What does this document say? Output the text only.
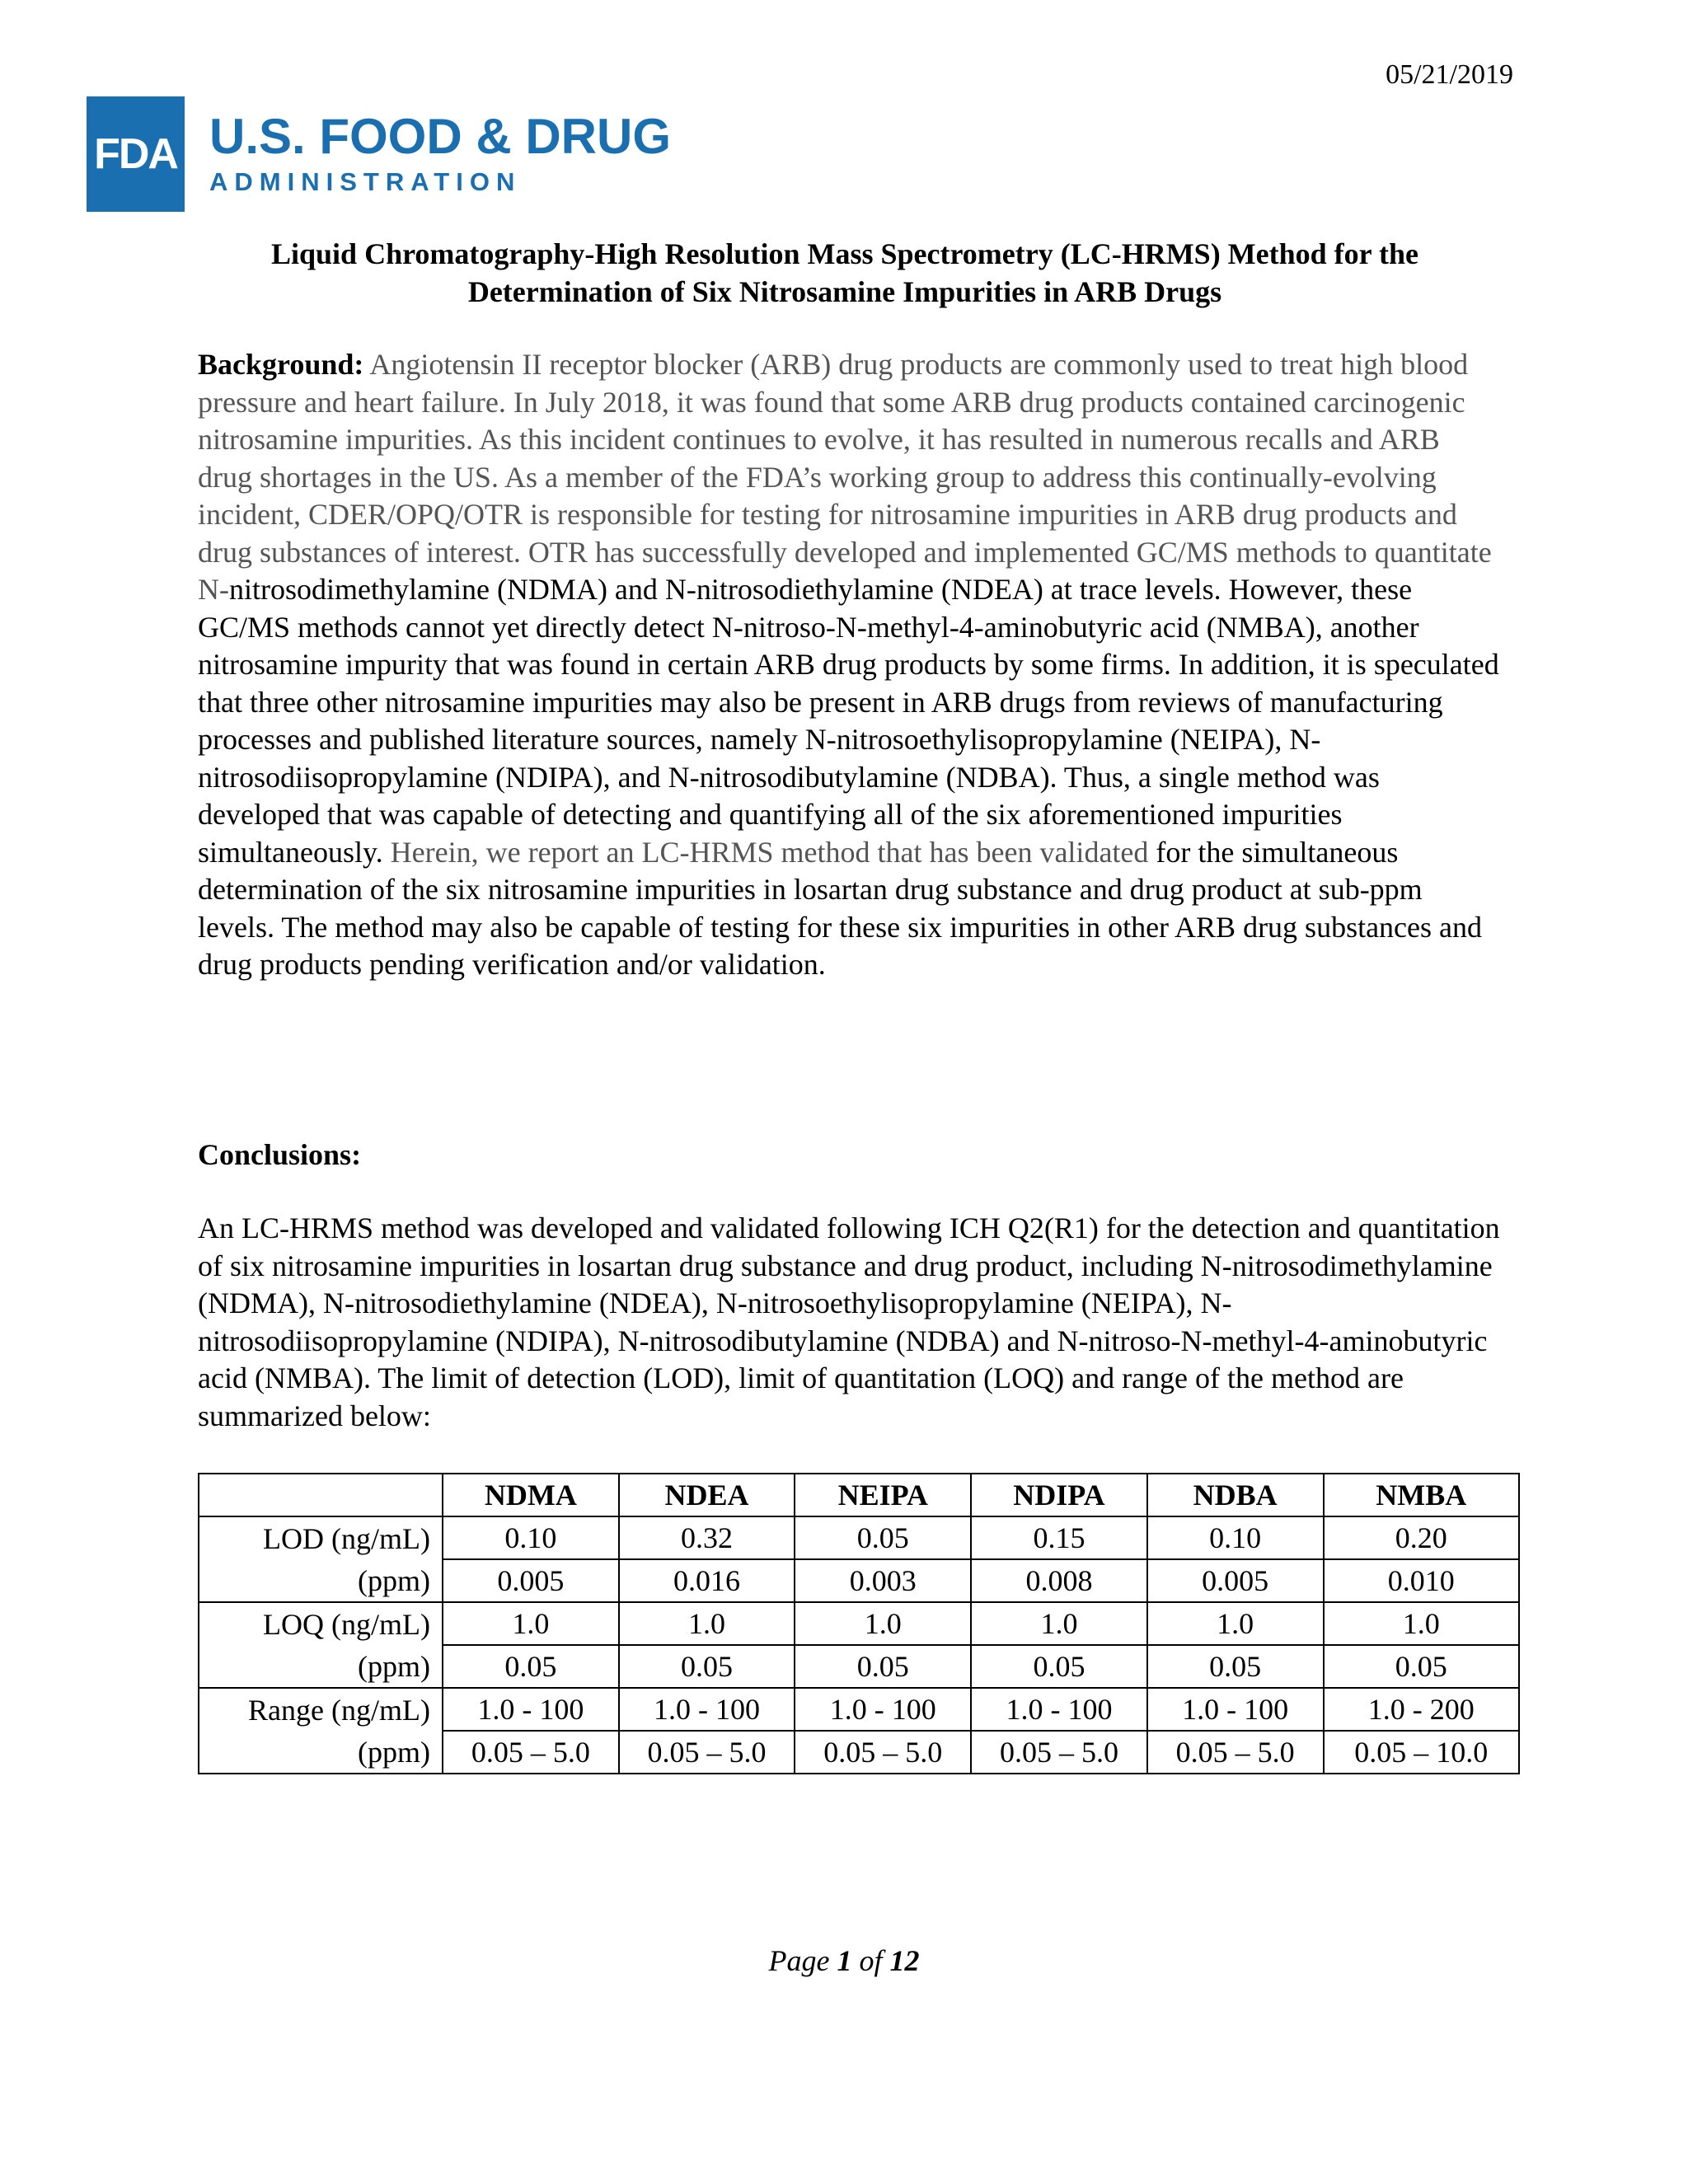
05/21/2019
FDA U.S. FOOD & DRUG
ADMINISTRATION
Liquid Chromatography-High Resolution Mass Spectrometry (LC-HRMS) Method for the
Determination of Six Nitrosamine Impurities in ARB Drugs

Background: Angiotensin II receptor blocker (ARB) drug products are commonly used to treat high blood pressure and heart failure. In July 2018, it was found that some ARB drug products contained carcinogenic nitrosamine impurities. As this incident continues to evolve, it has resulted in numerous recalls and ARB drug shortages in the US. As a member of the FDA’s working group to address this continually-evolving incident, CDER/OPQ/OTR is responsible for testing for nitrosamine impurities in ARB drug products and drug substances of interest. OTR has successfully developed and implemented GC/MS methods to quantitate N-nitrosodimethylamine (NDMA) and N-nitrosodiethylamine (NDEA) at trace levels. However, these GC/MS methods cannot yet directly detect N-nitroso-N-methyl-4-aminobutyric acid (NMBA), another nitrosamine impurity that was found in certain ARB drug products by some firms. In addition, it is speculated that three other nitrosamine impurities may also be present in ARB drugs from reviews of manufacturing processes and published literature sources, namely N-nitrosoethylisopropylamine (NEIPA), N-nitrosodiisopropylamine (NDIPA), and N-nitrosodibutylamine (NDBA). Thus, a single method was developed that was capable of detecting and quantifying all of the six aforementioned impurities simultaneously. Herein, we report an LC-HRMS method that has been validated for the simultaneous determination of the six nitrosamine impurities in losartan drug substance and drug product at sub-ppm levels. The method may also be capable of testing for these six impurities in other ARB drug substances and drug products pending verification and/or validation.

Conclusions:
An LC-HRMS method was developed and validated following ICH Q2(R1) for the detection and quantitation of six nitrosamine impurities in losartan drug substance and drug product, including N-nitrosodimethylamine (NDMA), N-nitrosodiethylamine (NDEA), N-nitrosoethylisopropylamine (NEIPA), N-nitrosodiisopropylamine (NDIPA), N-nitrosodibutylamine (NDBA) and N-nitroso-N-methyl-4-aminobutyric acid (NMBA). The limit of detection (LOD), limit of quantitation (LOQ) and range of the method are summarized below:
	NDMA	NDEA	NEIPA	NDIPA	NDBA	NMBA
LOD (ng/mL)	0.10	0.32	0.05	0.15	0.10	0.20
(ppm)	0.005	0.016	0.003	0.008	0.005	0.010
LOQ (ng/mL)	1.0	1.0	1.0	1.0	1.0	1.0
(ppm)	0.05	0.05	0.05	0.05	0.05	0.05
Range (ng/mL)	1.0 - 100	1.0 - 100	1.0 - 100	1.0 - 100	1.0 - 100	1.0 - 200
(ppm)	0.05 – 5.0	0.05 – 5.0	0.05 – 5.0	0.05 – 5.0	0.05 – 5.0	0.05 – 10.0
Page 1 of 12
